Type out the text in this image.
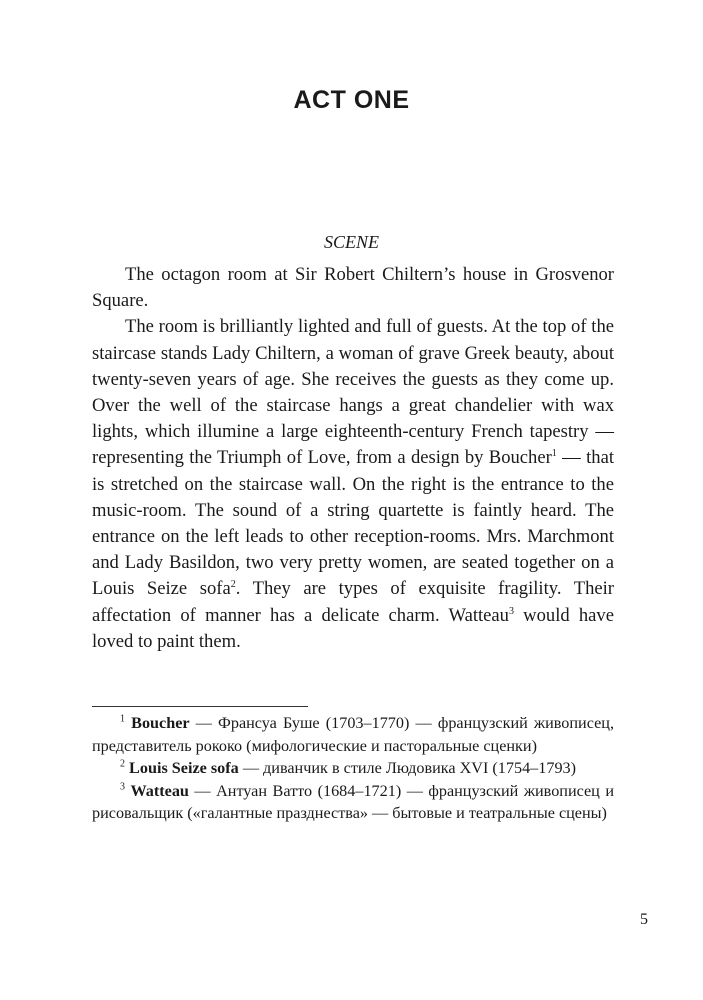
ACT ONE
SCENE

The octagon room at Sir Robert Chiltern’s house in Grosvenor Square.

The room is brilliantly lighted and full of guests. At the top of the staircase stands Lady Chiltern, a woman of grave Greek beauty, about twenty-seven years of age. She receives the guests as they come up. Over the well of the staircase hangs a great chandelier with wax lights, which illumine a large eighteenth-century French tapestry — representing the Triumph of Love, from a design by Boucher$^1$ — that is stretched on the staircase wall. On the right is the entrance to the music-room. The sound of a string quartette is faintly heard. The entrance on the left leads to other reception-rooms. Mrs. Marchmont and Lady Basildon, two very pretty women, are seated together on a Louis Seize sofa$^2$. They are types of exquisite fragility. Their affectation of manner has a delicate charm. Watteau$^3$ would have loved to paint them.

$^1$ Boucher — Франсуа Буше (1703–1770) — французский живописец, представитель рококо (мифологические и пасторальные сценки)

$^2$ Louis Seize sofa — диванчик в стиле Людовика XVI (1754–1793)

$^3$ Watteau — Антуан Ватто (1684–1721) — французский живописец и рисовальщик («галантные празднества» — бытовые и театральные сцены)

5
